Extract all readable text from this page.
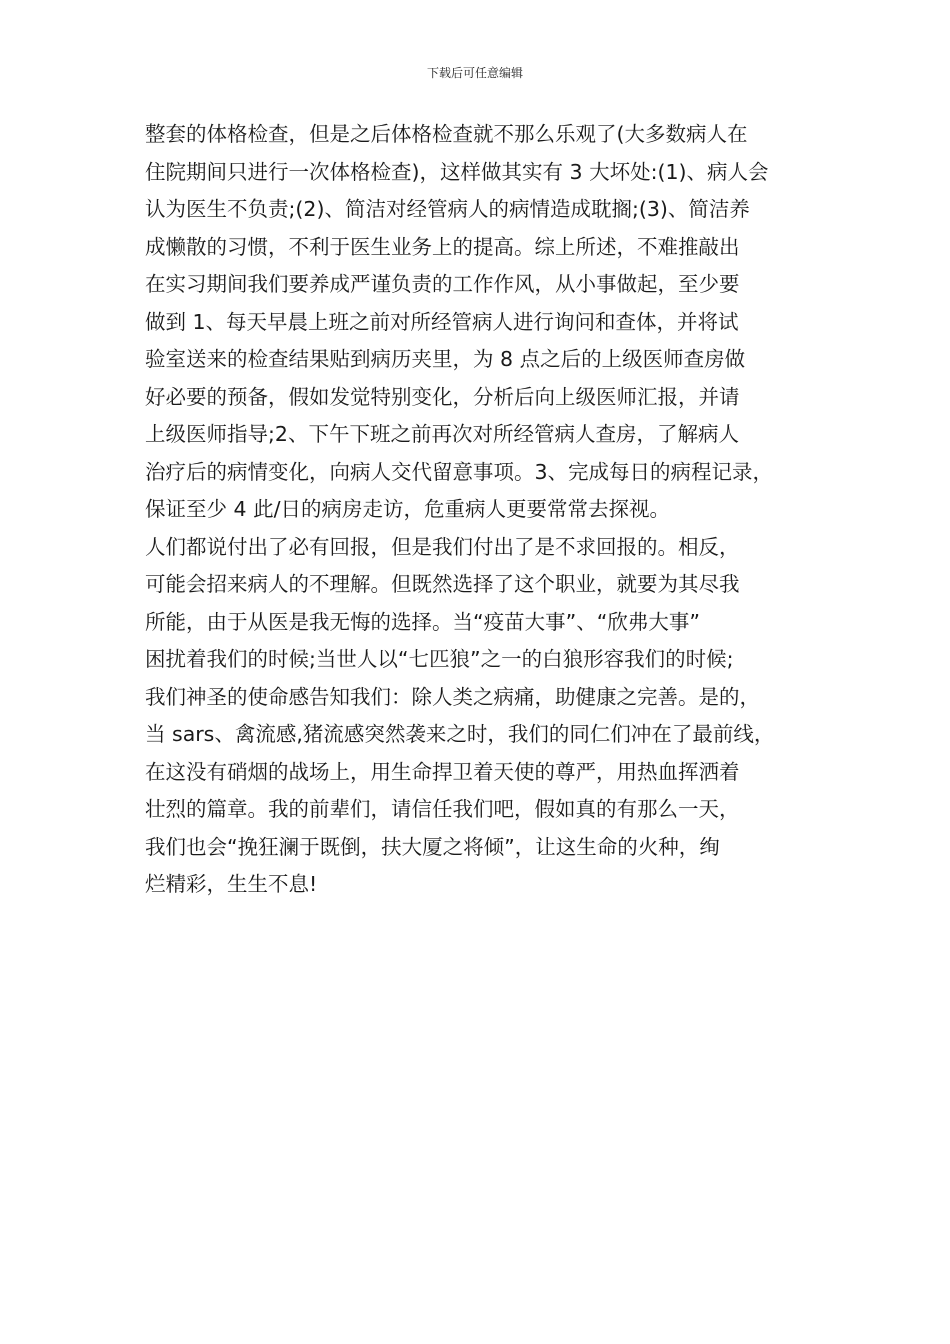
下载后可任意编辑
整套的体格检查，但是之后体格检查就不那么乐观了(大多数病人在
住院期间只进行一次体格检查)，这样做其实有 3 大坏处:(1)、病人会
认为医生不负责;(2)、简洁对经管病人的病情造成耽搁;(3)、简洁养
成懒散的习惯，不利于医生业务上的提高。综上所述，不难推敲出
在实习期间我们要养成严谨负责的工作作风，从小事做起，至少要
做到 1、每天早晨上班之前对所经管病人进行询问和查体，并将试
验室送来的检查结果贴到病历夹里，为 8 点之后的上级医师查房做
好必要的预备，假如发觉特别变化，分析后向上级医师汇报，并请
上级医师指导;2、下午下班之前再次对所经管病人查房，了解病人
治疗后的病情变化，向病人交代留意事项。3、完成每日的病程记录，
保证至少 4 此/日的病房走访，危重病人更要常常去探视。
人们都说付出了必有回报，但是我们付出了是不求回报的。相反，
可能会招来病人的不理解。但既然选择了这个职业，就要为其尽我
所能，由于从医是我无悔的选择。当“疫苗大事”、“欣弗大事”
困扰着我们的时候;当世人以“七匹狼”之一的白狼形容我们的时候;
我们神圣的使命感告知我们：除人类之病痛，助健康之完善。是的，
当 sars、禽流感,猪流感突然袭来之时，我们的同仁们冲在了最前线，
在这没有硝烟的战场上，用生命捍卫着天使的尊严，用热血挥洒着
壮烈的篇章。我的前辈们，请信任我们吧，假如真的有那么一天，
我们也会“挽狂澜于既倒，扶大厦之将倾”，让这生命的火种，绚
烂精彩，生生不息!
